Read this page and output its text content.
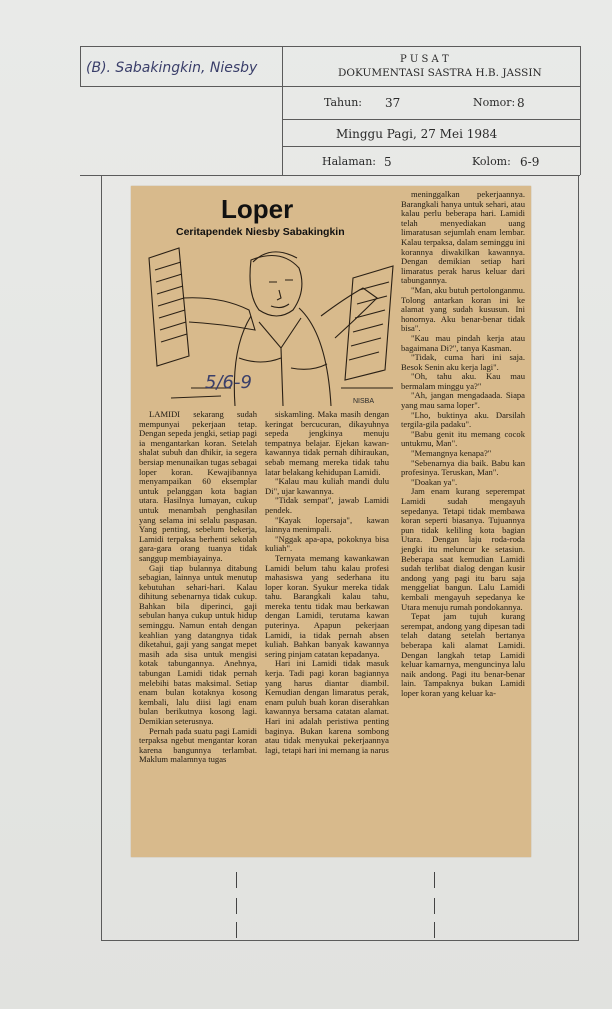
(B). Sabakingkin, Niesby
P U S A T
DOKUMENTASI SASTRA H.B. JASSIN
Tahun: 37	Nomor: 8
Minggu Pagi, 27 Mei 1984
Halaman: 5	Kolom: 6-9
Loper
Ceritapendek Niesby Sabakingkin
5/6-9
NISBA

LAMIDI sekarang sudah mempunyai pekerjaan tetap. Dengan sepeda jengki, setiap pagi ia mengantarkan koran. Setelah shalat subuh dan dhikir, ia segera bersiap menunaikan tugas sebagai loper koran. Kewajibannya menyampaikan 60 eksemplar untuk pelanggan kota bagian utara. Hasilnya lumayan, cukup untuk menambah penghasilan yang selama ini selalu paspasan. Yang penting, sebelum bekerja, Lamidi terpaksa berhenti sekolah gara-gara orang tuanya tidak sanggup membiayainya.

Gaji tiap bulannya ditabung sebagian, lainnya untuk menutup kebutuhan sehari-hari. Kalau dihitung sebenarnya tidak cukup. Bahkan bila diperinci, gaji sebulan hanya cukup untuk hidup seminggu. Namun entah dengan keahlian yang datangnya tidak diketahui, gaji yang sangat mepet masih ada sisa untuk mengisi kotak tabungannya. Anehnya, tabungan Lamidi tidak pernah melebihi batas maksimal. Setiap enam bulan kotaknya kosong kembali, lalu diisi lagi enam bulan berikutnya kosong lagi. Demikian seterusnya.

Pernah pada suatu pagi Lamidi terpaksa ngebut mengantar koran karena bangunnya terlambat. Maklum malamnya tugas

siskamling. Maka masih dengan keringat bercucuran, dikayuhnya sepeda jengkinya menuju tempatnya belajar. Ejekan kawan-kawannya tidak pernah dihiraukan, sebab memang mereka tidak tahu latar belakang kehidupan Lamidi.

"Kalau mau kuliah mandi dulu Di", ujar kawannya.

"Tidak sempat", jawab Lamidi pendek.

"Kayak lopersaja", kawan lainnya menimpali.

"Nggak apa-apa, pokoknya bisa kuliah".

Ternyata memang kawankawan Lamidi belum tahu kalau profesi mahasiswa yang sederhana itu loper koran. Syukur mereka tidak tahu. Barangkali kalau tahu, mereka tentu tidak mau berkawan dengan Lamidi, terutama kawan puterinya. Apapun pekerjaan Lamidi, ia tidak pernah absen kuliah. Bahkan banyak kawannya sering pinjam catatan kepadanya.

Hari ini Lamidi tidak masuk kerja. Tadi pagi koran bagiannya yang harus diantar diambil. Kemudian dengan limaratus perak, enam puluh buah koran diserahkan kawannya bersama catatan alamat. Hari ini adalah peristiwa penting baginya. Bukan karena sombong atau tidak menyukai pekerjaannya lagi, tetapi hari ini memang ia narus

meninggalkan pekerjaannya. Barangkali hanya untuk sehari, atau kalau perlu beberapa hari. Lamidi telah menyediakan uang limaratusan sejumlah enam lembar. Kalau terpaksa, dalam seminggu ini korannya diwakilkan kawannya. Dengan demikian setiap hari limaratus perak harus keluar dari tabungannya.

"Man, aku butuh pertolonganmu. Tolong antarkan koran ini ke alamat yang sudah kususun. Ini honornya. Aku benar-benar tidak bisa".

"Kau mau pindah kerja atau bagaimana Di?", tanya Kasman.

"Tidak, cuma hari ini saja. Besok Senin aku kerja lagi".

"Oh, tahu aku. Kau mau bermalam minggu ya?"

"Ah, jangan mengadaada. Siapa yang mau sama loper".

"Lho, buktinya aku. Darsilah tergila-gila padaku".

"Babu genit itu memang cocok untukmu, Man".

"Memangnya kenapa?"

"Sebenarnya dia baik. Babu kan profesinya. Teruskan, Man".

"Doakan ya".

Jam enam kurang seperempat Lamidi sudah mengayuh sepedanya. Tetapi tidak membawa koran seperti biasanya. Tujuannya pun tidak keliling kota bagian Utara. Dengan laju roda-roda jengki itu meluncur ke setasiun. Beberapa saat kemudian Lamidi sudah terlibat dialog dengan kusir andong yang pagi itu baru saja menggeliat bangun. Lalu Lamidi kembali mengayuh sepedanya ke Utara menuju rumah pondokannya.

Tepat jam tujuh kurang serempat, andong yang dipesan tadi telah datang setelah bertanya beberapa kali alamat Lamidi. Dengan langkah tetap Lamidi keluar kamarnya, menguncinya lalu naik andong. Pagi itu benar-benar lain. Tampaknya bukan Lamidi loper koran yang keluar ka-
